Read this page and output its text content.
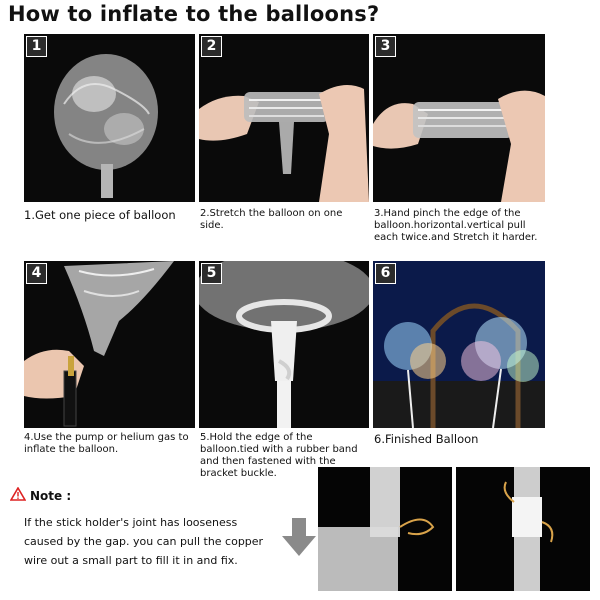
How to inflate to the balloons?
1
1.Get one piece of balloon
2
2.Stretch the balloon on one side.
3
3.Hand pinch the edge of the balloon.horizontal.vertical pull each twice.and Stretch it harder.
4
4.Use the pump or helium gas to inflate the balloon.
5
5.Hold the edge of the balloon.tied with a rubber band and then fastened with the bracket buckle.
6
6.Finished Balloon
Note :
If the stick holder's joint has looseness caused by the gap. you can pull the copper wire out a small part to fill it in and fix.
